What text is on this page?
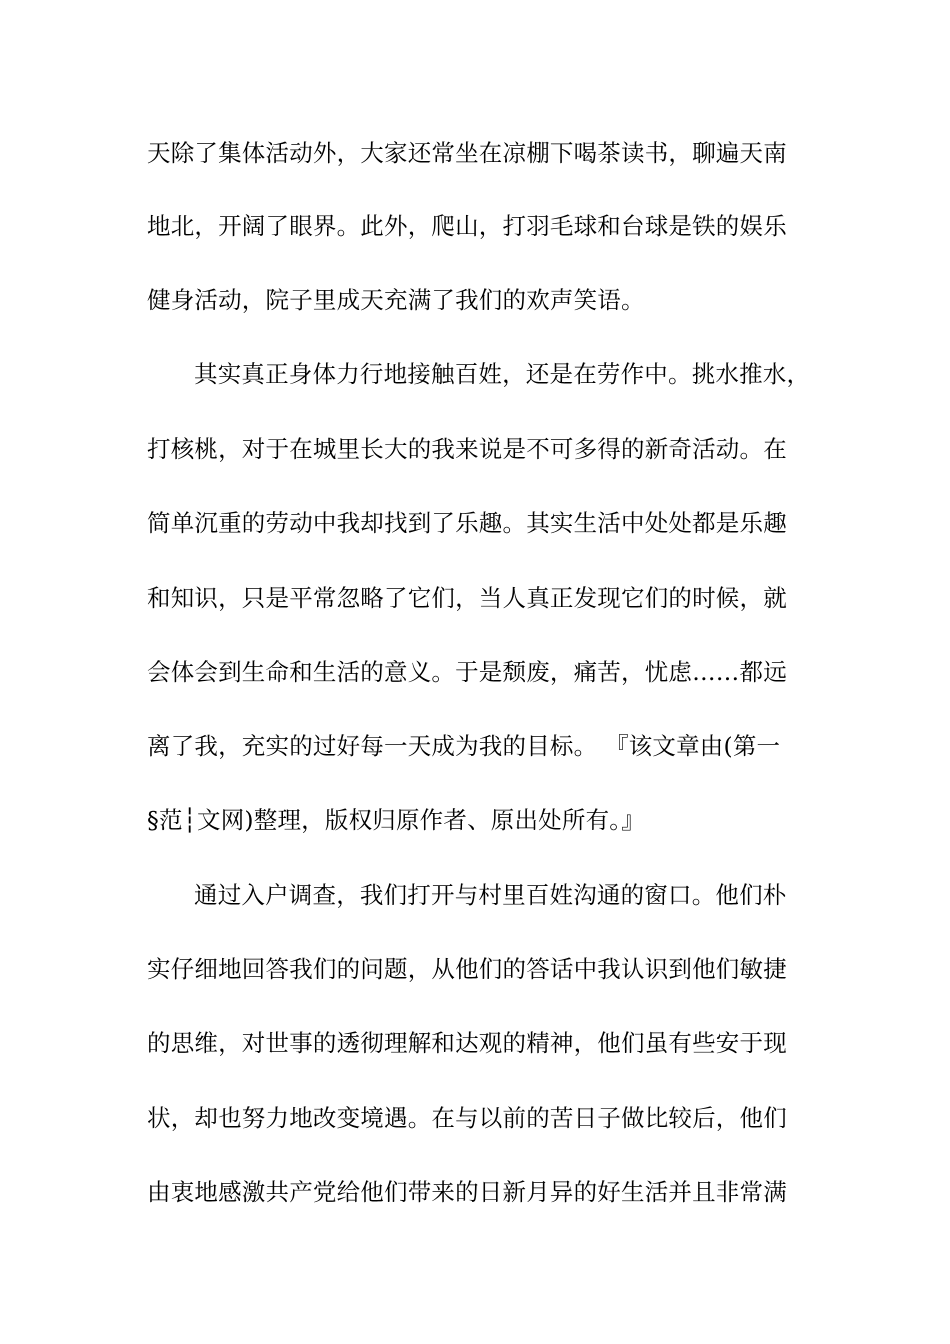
天除了集体活动外，大家还常坐在凉棚下喝茶读书，聊遍天南
地北，开阔了眼界。此外，爬山，打羽毛球和台球是铁的娱乐
健身活动，院子里成天充满了我们的欢声笑语。
其实真正身体力行地接触百姓，还是在劳作中。挑水推水，
打核桃，对于在城里长大的我来说是不可多得的新奇活动。在
简单沉重的劳动中我却找到了乐趣。其实生活中处处都是乐趣
和知识，只是平常忽略了它们，当人真正发现它们的时候，就
会体会到生命和生活的意义。于是颓废，痛苦，忧虑……都远
离了我，充实的过好每一天成为我的目标。 『该文章由(第一
§范┆文网)整理，版权归原作者、原出处所有。』
通过入户调查，我们打开与村里百姓沟通的窗口。他们朴
实仔细地回答我们的问题，从他们的答话中我认识到他们敏捷
的思维，对世事的透彻理解和达观的精神，他们虽有些安于现
状，却也努力地改变境遇。在与以前的苦日子做比较后，他们
由衷地感激共产党给他们带来的日新月异的好生活并且非常满
